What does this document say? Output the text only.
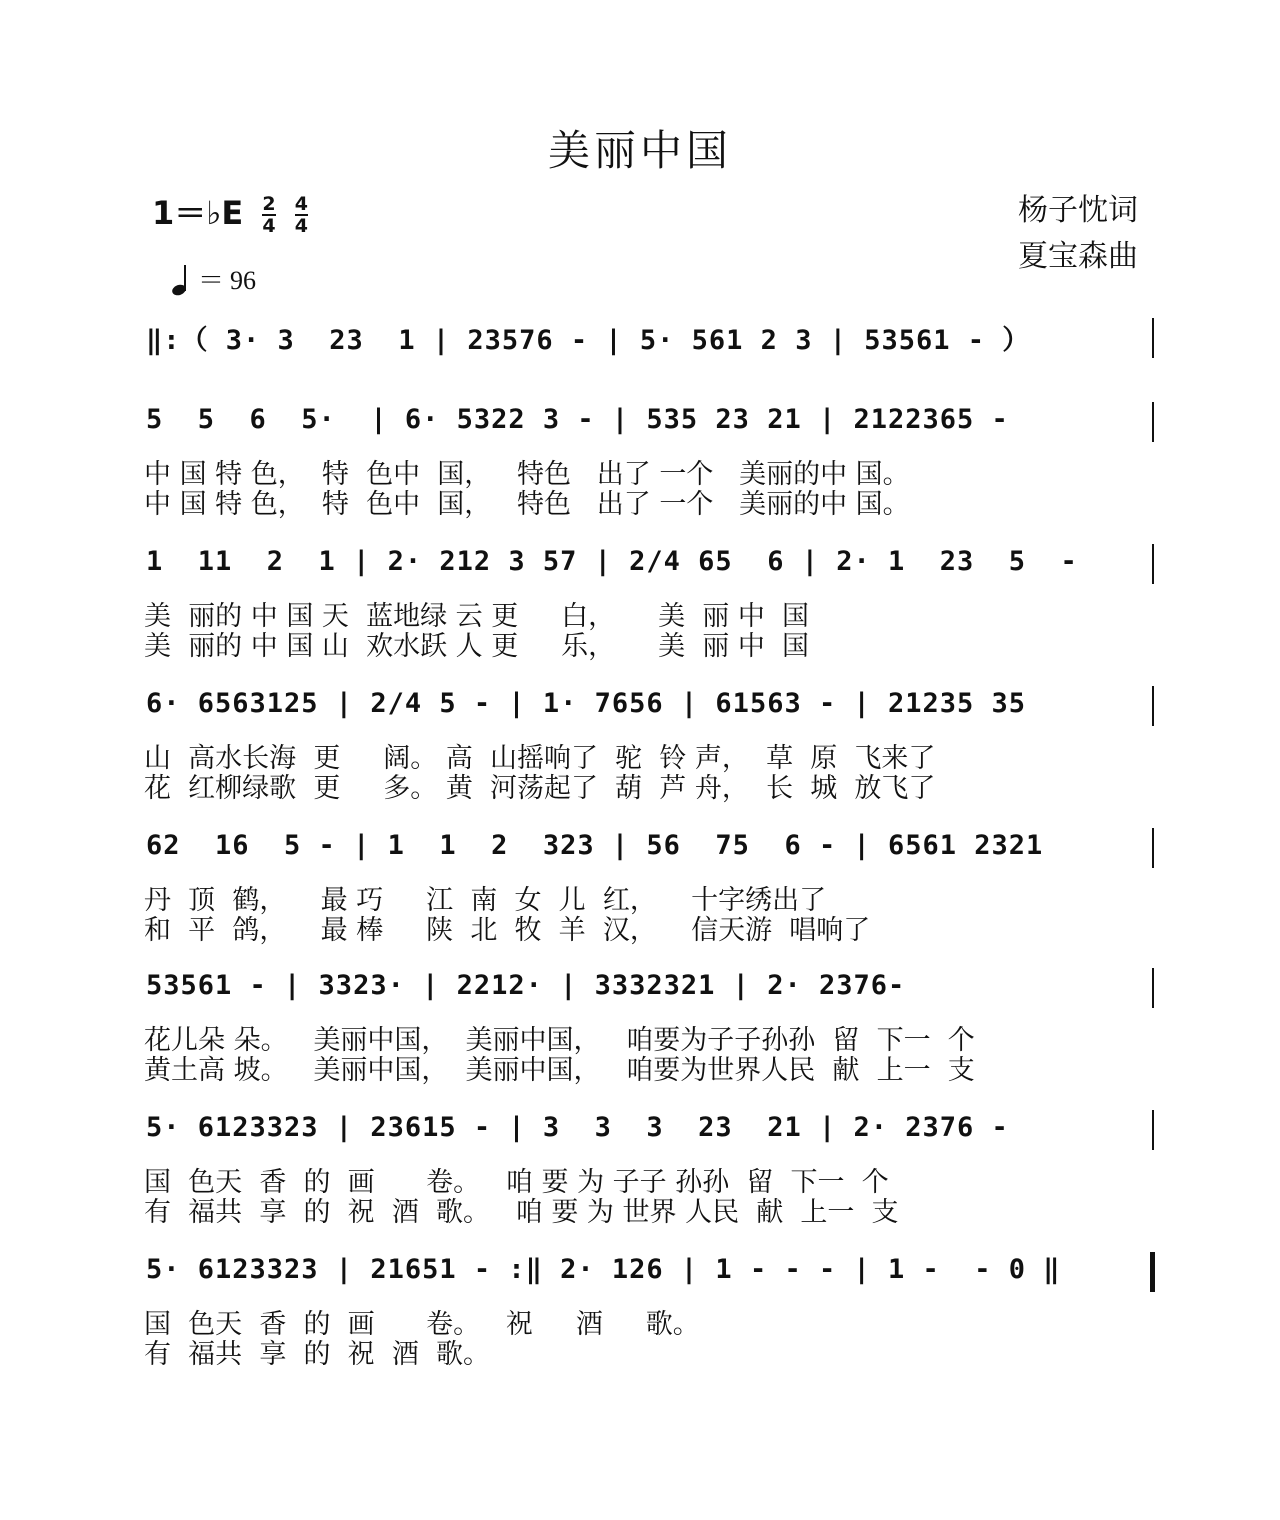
美丽中国
1＝♭E $\frac{2}{4}$
$\frac{4}{4}$	杨子忱词
夏宝森曲
＝ 96
‖:（ 3· 3  23  1 | 23576 - | 5· 561 2 3 | 53561 - ）
5  5  6  5·  | 6· 5322 3 - | 535 23 21 | 2122365 -
中 国 特 色，  特  色中  国，   特色   出了 一个   美丽的中 国。
中 国 特 色，  特  色中  国，   特色   出了 一个   美丽的中 国。
1  11  2  1 | 2· 212 3 57 | 2/4 65  6 | 2· 1  23  5  -
美  丽的 中 国 天  蓝地绿 云 更     白，     美  丽 中  国
美  丽的 中 国 山  欢水跃 人 更     乐，     美  丽 中  国
6· 6563125 | 2/4 5 - | 1· 7656 | 61563 - | 21235 35
山  高水长海  更     阔。 高  山摇响了  驼  铃 声，  草  原  飞来了
花  红柳绿歌  更     多。 黄  河荡起了  葫  芦 舟，  长  城  放飞了
62  16  5 - | 1  1  2  323 | 56  75  6 - | 6561 2321
丹  顶  鹤，    最 巧     江  南  女  儿  红，    十字绣出了
和  平  鸽，    最 棒     陕  北  牧  羊  汉，    信天游  唱响了
53561 - | 3323· | 2212· | 3332321 | 2· 2376-
花儿朵 朵。   美丽中国，  美丽中国，   咱要为子子孙孙  留  下一  个
黄土高 坡。   美丽中国，  美丽中国，   咱要为世界人民  献  上一  支
5· 6123323 | 23615 - | 3  3  3  23  21 | 2· 2376 -
国  色天  香  的  画      卷。   咱 要 为 子子 孙孙  留  下一  个
有  福共  享  的  祝  酒  歌。   咱 要 为 世界 人民  献  上一  支
5· 6123323 | 21651 - :‖ 2· 126 | 1 - - - | 1 -  - 0 ‖
国  色天  香  的  画      卷。   祝     酒     歌。
有  福共  享  的  祝  酒  歌。
